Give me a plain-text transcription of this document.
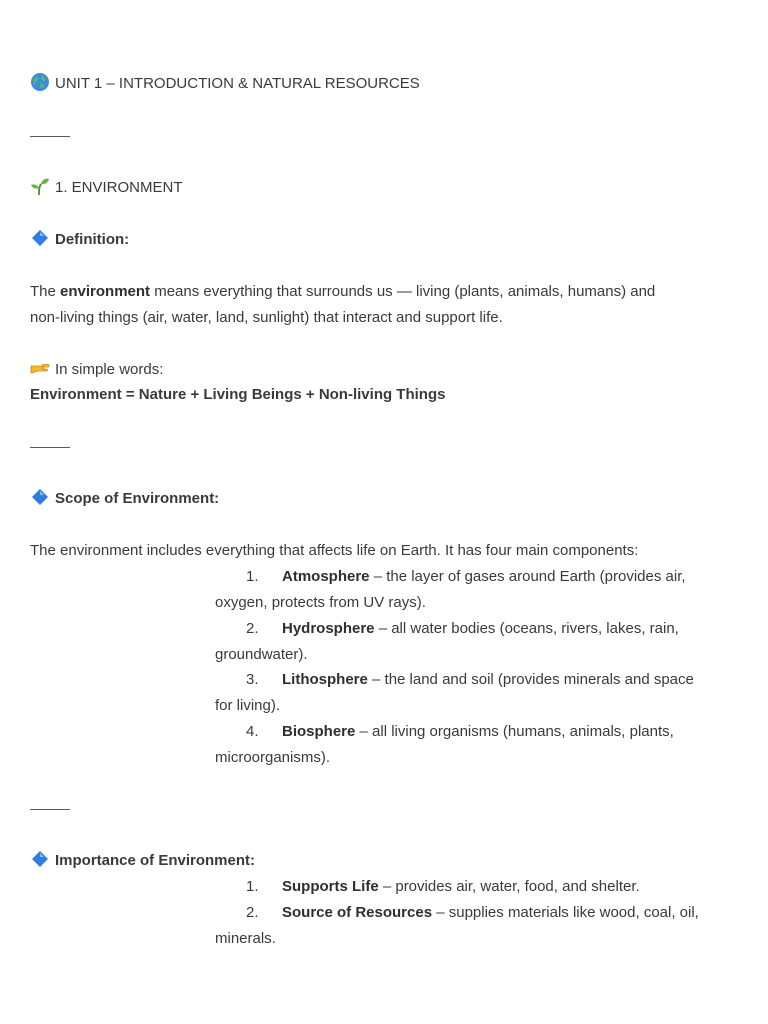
UNIT 1 – INTRODUCTION & NATURAL RESOURCES
1. ENVIRONMENT
Definition:
The environment means everything that surrounds us — living (plants, animals, humans) and
non-living things (air, water, land, sunlight) that interact and support life.
In simple words:
Environment = Nature + Living Beings + Non-living Things
Scope of Environment:
The environment includes everything that affects life on Earth. It has four main components:
1. Atmosphere – the layer of gases around Earth (provides air,
oxygen, protects from UV rays).
2. Hydrosphere – all water bodies (oceans, rivers, lakes, rain,
groundwater).
3. Lithosphere – the land and soil (provides minerals and space
for living).
4. Biosphere – all living organisms (humans, animals, plants,
microorganisms).
Importance of Environment:
1. Supports Life – provides air, water, food, and shelter.
2. Source of Resources – supplies materials like wood, coal, oil,
minerals.
